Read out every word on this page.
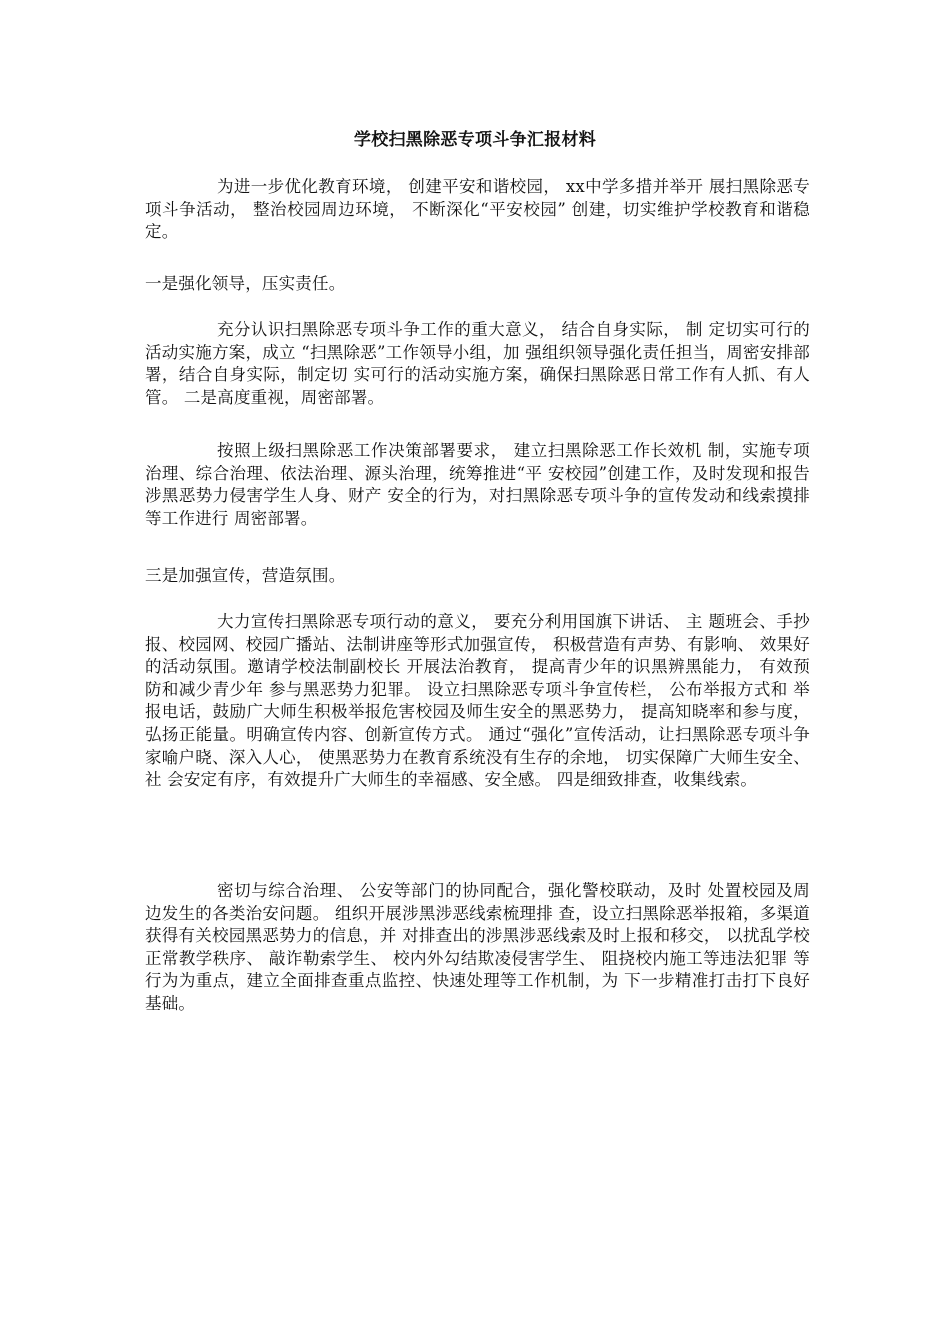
学校扫黑除恶专项斗争汇报材料
为进一步优化教育环境， 创建平安和谐校园， xx中学多措并举开 展扫黑除恶专项斗争活动， 整治校园周边环境， 不断深化“平安校园” 创建，切实维护学校教育和谐稳定。
一是强化领导，压实责任。
充分认识扫黑除恶专项斗争工作的重大意义， 结合自身实际， 制 定切实可行的活动实施方案，成立 “扫黑除恶”工作领导小组，加 强组织领导强化责任担当，周密安排部署，结合自身实际，制定切 实可行的活动实施方案，确保扫黑除恶日常工作有人抓、有人管。 二是高度重视，周密部署。
按照上级扫黑除恶工作决策部署要求， 建立扫黑除恶工作长效机 制，实施专项治理、综合治理、依法治理、源头治理，统筹推进“平 安校园”创建工作，及时发现和报告涉黑恶势力侵害学生人身、财产 安全的行为，对扫黑除恶专项斗争的宣传发动和线索摸排等工作进行 周密部署。
三是加强宣传，营造氛围。
大力宣传扫黑除恶专项行动的意义， 要充分利用国旗下讲话、 主 题班会、手抄报、校园网、校园广播站、法制讲座等形式加强宣传， 积极营造有声势、有影响、 效果好的活动氛围。邀请学校法制副校长 开展法治教育， 提高青少年的识黑辨黑能力， 有效预防和减少青少年 参与黑恶势力犯罪。 设立扫黑除恶专项斗争宣传栏， 公布举报方式和 举报电话，鼓励广大师生积极举报危害校园及师生安全的黑恶势力， 提高知晓率和参与度，弘扬正能量。明确宣传内容、创新宣传方式。 通过“强化”宣传活动，让扫黑除恶专项斗争家喻户晓、深入人心， 使黑恶势力在教育系统没有生存的余地， 切实保障广大师生安全、 社 会安定有序，有效提升广大师生的幸福感、安全感。 四是细致排查，收集线索。
密切与综合治理、 公安等部门的协同配合，强化警校联动，及时 处置校园及周边发生的各类治安问题。 组织开展涉黑涉恶线索梳理排 查，设立扫黑除恶举报箱，多渠道获得有关校园黑恶势力的信息，并 对排查出的涉黑涉恶线索及时上报和移交， 以扰乱学校正常教学秩序、 敲诈勒索学生、 校内外勾结欺凌侵害学生、 阻挠校内施工等违法犯罪 等行为为重点，建立全面排查重点监控、快速处理等工作机制，为 下一步精准打击打下良好基础。
